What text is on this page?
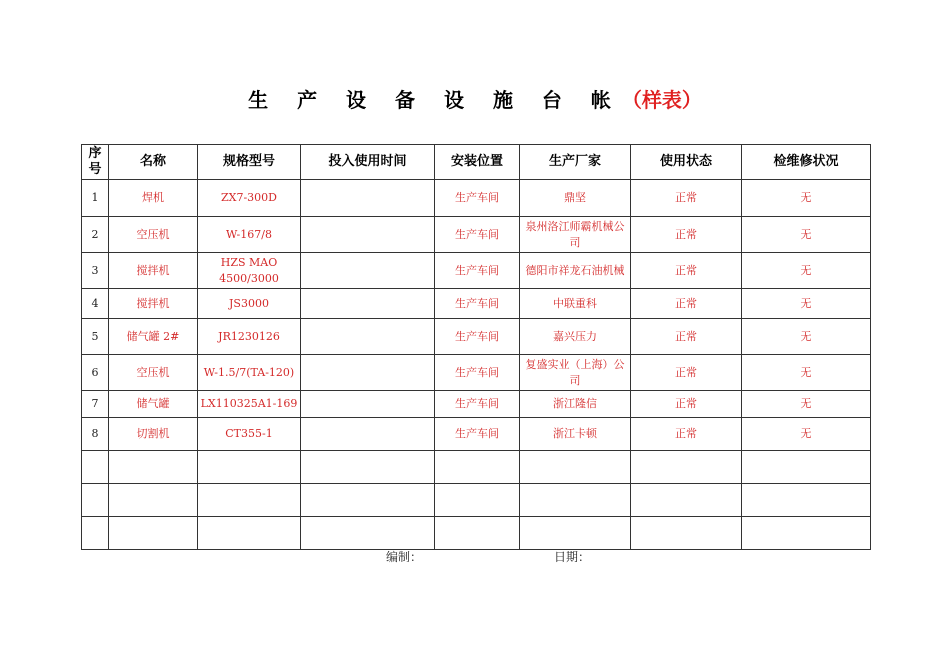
生 产 设 备 设 施 台 帐（样表）
序号	名称	规格型号	投入使用时间	安装位置	生产厂家	使用状态	检维修状况
1	焊机	ZX7-300D		生产车间	鼎坚	正常	无
2	空压机	W-167/8		生产车间	泉州洛江师霸机械公司	正常	无
3	搅拌机	HZS MAO 4500/3000		生产车间	德阳市祥龙石油机械	正常	无
4	搅拌机	JS3000		生产车间	中联重科	正常	无
5	储气罐 2#	JR1230126		生产车间	嘉兴压力	正常	无
6	空压机	W-1.5/7(TA-120)		生产车间	复盛实业（上海）公司	正常	无
7	储气罐	LX110325A1-169		生产车间	浙江隆信	正常	无
8	切割机	CT355-1		生产车间	浙江卡顿	正常	无

编制：	日期：
